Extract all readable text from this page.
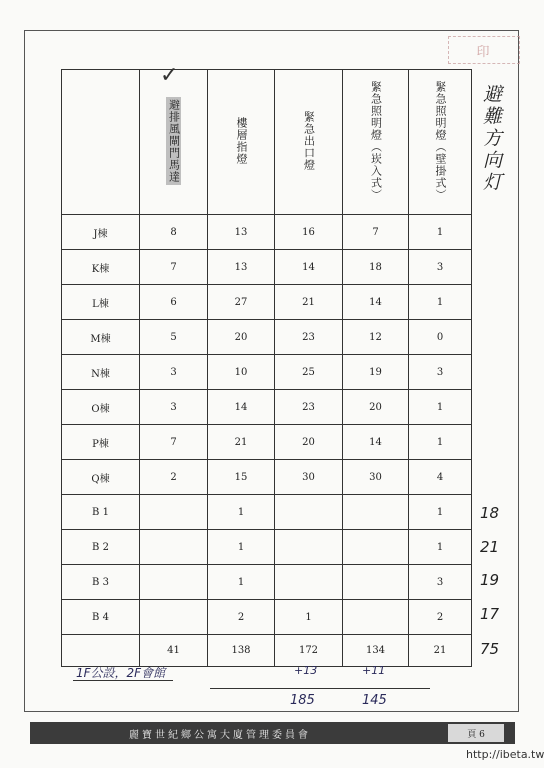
印
✓
避難方向灯
	避排風閘門馬達	樓層指燈	緊急出口燈	緊急照明燈（崁入式）	緊急照明燈（壁掛式）
J棟	8	13	16	7	1
K棟	7	13	14	18	3
L棟	6	27	21	14	1
M棟	5	20	23	12	0
N棟	3	10	25	19	3
O棟	3	14	23	20	1
P棟	7	21	20	14	1
Q棟	2	15	30	30	4
B 1		1			1
B 2		1			1
B 3		1			3
B 4		2	1		2
	41	138	172	134	21
18
21
19
17
75
1F公設，2F會館	+13	+11
185	145
麗寶世紀鄉公寓大廈管理委員會	頁 6
http://ibeta.tw
